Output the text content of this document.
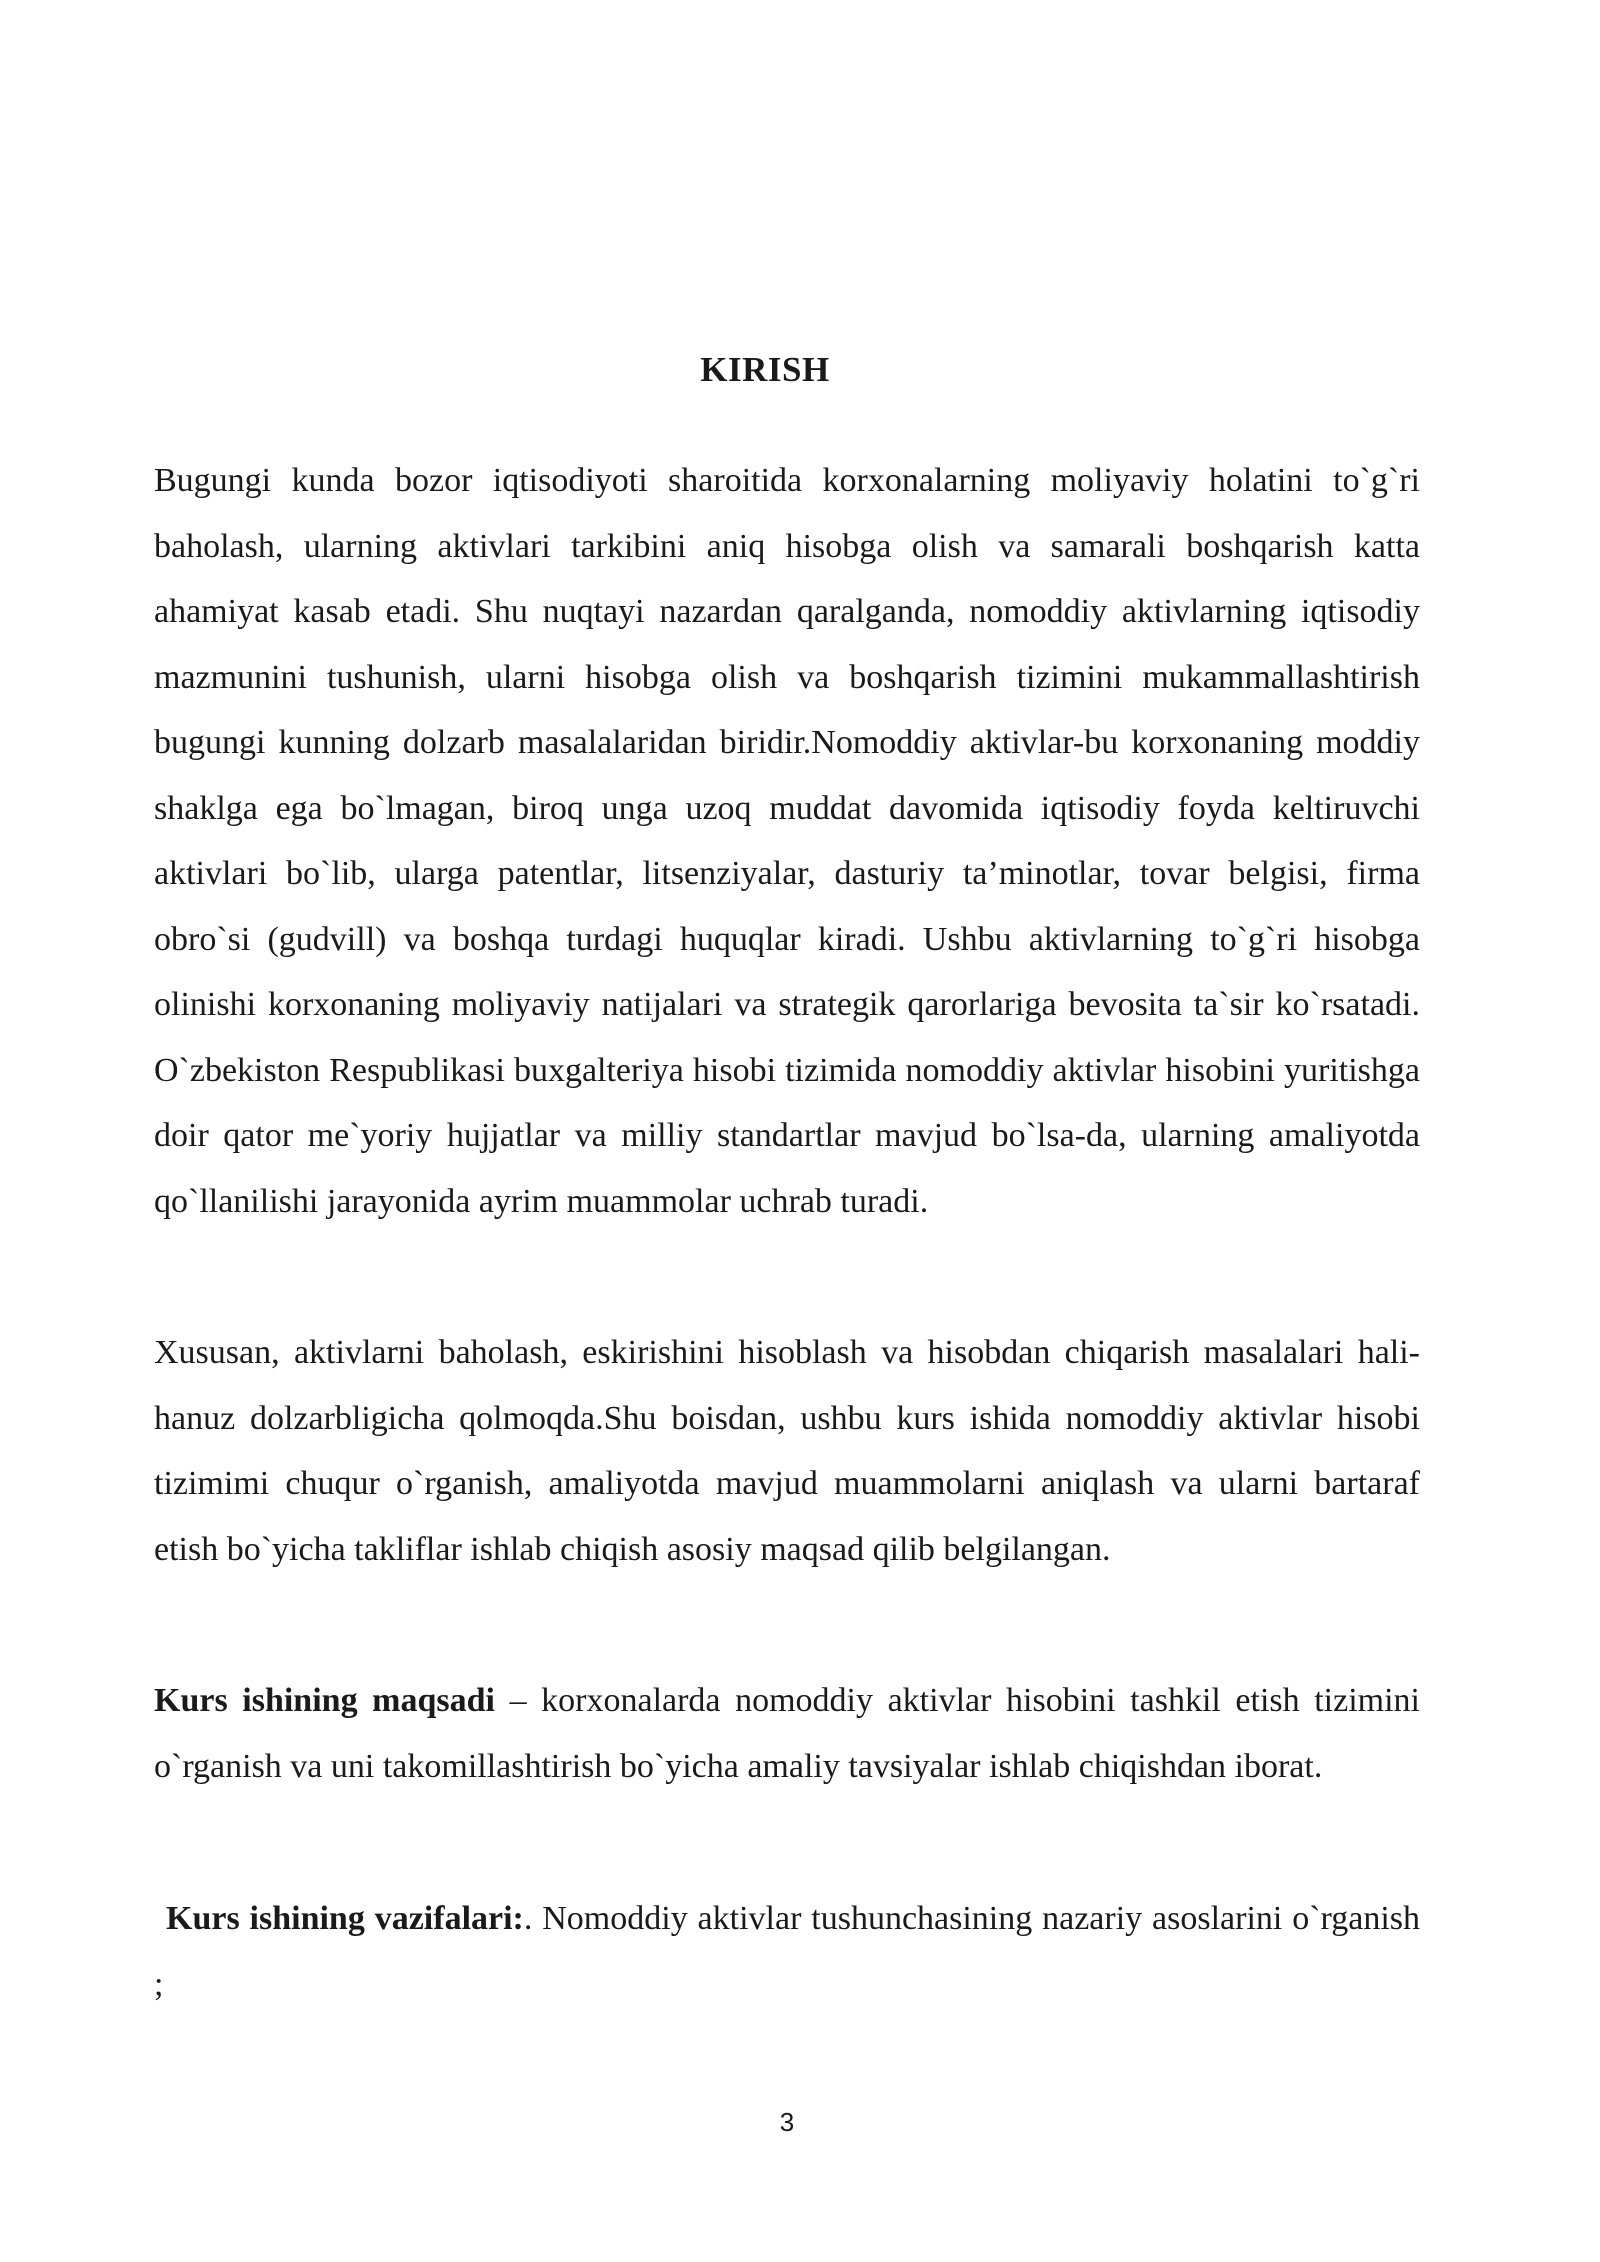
KIRISH

Bugungi kunda bozor iqtisodiyoti sharoitida korxonalarning moliyaviy holatini to`g`ri baholash, ularning aktivlari tarkibini aniq hisobga olish va samarali boshqarish katta ahamiyat kasab etadi. Shu nuqtayi nazardan qaralganda, nomoddiy aktivlarning iqtisodiy mazmunini tushunish, ularni hisobga olish va boshqarish tizimini mukammallashtirish bugungi kunning dolzarb masalalaridan biridir.Nomoddiy aktivlar-bu korxonaning moddiy shaklga ega bo`lmagan, biroq unga uzoq muddat davomida iqtisodiy foyda keltiruvchi aktivlari bo`lib, ularga patentlar, litsenziyalar, dasturiy ta’minotlar, tovar belgisi, firma obro`si (gudvill) va boshqa turdagi huquqlar kiradi. Ushbu aktivlarning to`g`ri hisobga olinishi korxonaning moliyaviy natijalari va strategik qarorlariga bevosita ta`sir ko`rsatadi. O`zbekiston Respublikasi buxgalteriya hisobi tizimida nomoddiy aktivlar hisobini yuritishga doir qator me`yoriy hujjatlar va milliy standartlar mavjud bo`lsa-da, ularning amaliyotda qo`llanilishi jarayonida ayrim muammolar uchrab turadi.

Xususan, aktivlarni baholash, eskirishini hisoblash va hisobdan chiqarish masalalari hali-hanuz dolzarbligicha qolmoqda.Shu boisdan, ushbu kurs ishida nomoddiy aktivlar hisobi tizimimi chuqur o`rganish, amaliyotda mavjud muammolarni aniqlash va ularni bartaraf etish bo`yicha takliflar ishlab chiqish asosiy maqsad qilib belgilangan.

Kurs ishining maqsadi – korxonalarda nomoddiy aktivlar hisobini tashkil etish tizimini o`rganish va uni takomillashtirish bo`yicha amaliy tavsiyalar ishlab chiqishdan iborat.

Kurs ishining vazifalari:. Nomoddiy aktivlar tushunchasining nazariy asoslarini o`rganish ;

3
